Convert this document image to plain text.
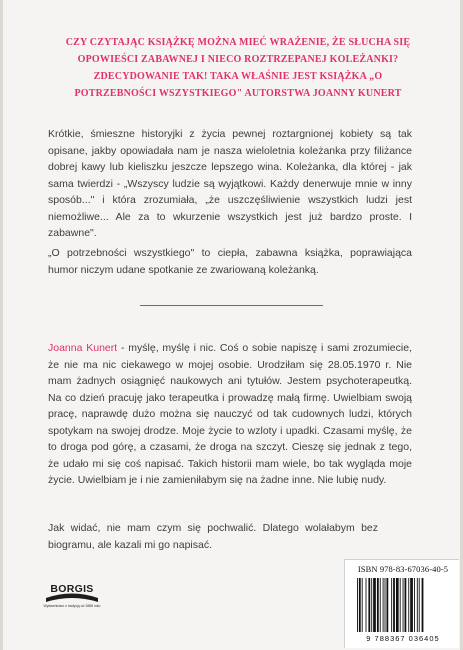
CZY CZYTAJĄC KSIĄŻKĘ MOŻNA MIEĆ WRAŻENIE, ŻE SŁUCHA SIĘ OPOWIEŚCI ZABAWNEJ I NIECO ROZTRZEPANEJ KOLEŻANKI? ZDECYDOWANIE TAK! TAKA WŁAŚNIE JEST KSIĄŻKA „O POTRZEBNOŚCI WSZYSTKIEGO" AUTORSTWA JOANNY KUNERT
Krótkie, śmieszne historyjki z życia pewnej roztargnionej kobiety są tak opisane, jakby opowiadała nam je nasza wieloletnia koleżanka przy filiżance dobrej kawy lub kieliszku jeszcze lepszego wina. Koleżanka, dla której - jak sama twierdzi - „Wszyscy ludzie są wyjątkowi. Każdy denerwuje mnie w inny sposób..." i która zrozumiała, „że uszczęśliwienie wszystkich ludzi jest niemożliwe... Ale za to wkurzenie wszystkich jest już bardzo proste. I zabawne".
„O potrzebności wszystkiego" to ciepła, zabawna książka, poprawiająca humor niczym udane spotkanie ze zwariowaną koleżanką.
Joanna Kunert - myślę, myślę i nic. Coś o sobie napiszę i sami zrozumiecie, że nie ma nic ciekawego w mojej osobie. Urodziłam się 28.05.1970 r. Nie mam żadnych osiągnięć naukowych ani tytułów. Jestem psychoterapeutką. Na co dzień pracuję jako terapeutka i prowadzę małą firmę. Uwielbiam swoją pracę, naprawdę dużo można się nauczyć od tak cudownych ludzi, których spotykam na swojej drodze. Moje życie to wzloty i upadki. Czasami myślę, że to droga pod górę, a czasami, że droga na szczyt. Cieszę się jednak z tego, że udało mi się coś napisać. Takich historii mam wiele, bo tak wygląda moje życie. Uwielbiam je i nie zamieniłabym się na żadne inne. Nie lubię nudy.
Jak widać, nie mam czym się pochwalić. Dlatego wolałabym bez biogramu, ale kazali mi go napisać.
BORGIS
Wydawnictwo z tradycją od 1888 roku
ISBN 978-83-67036-40-5
9 788367 036405
